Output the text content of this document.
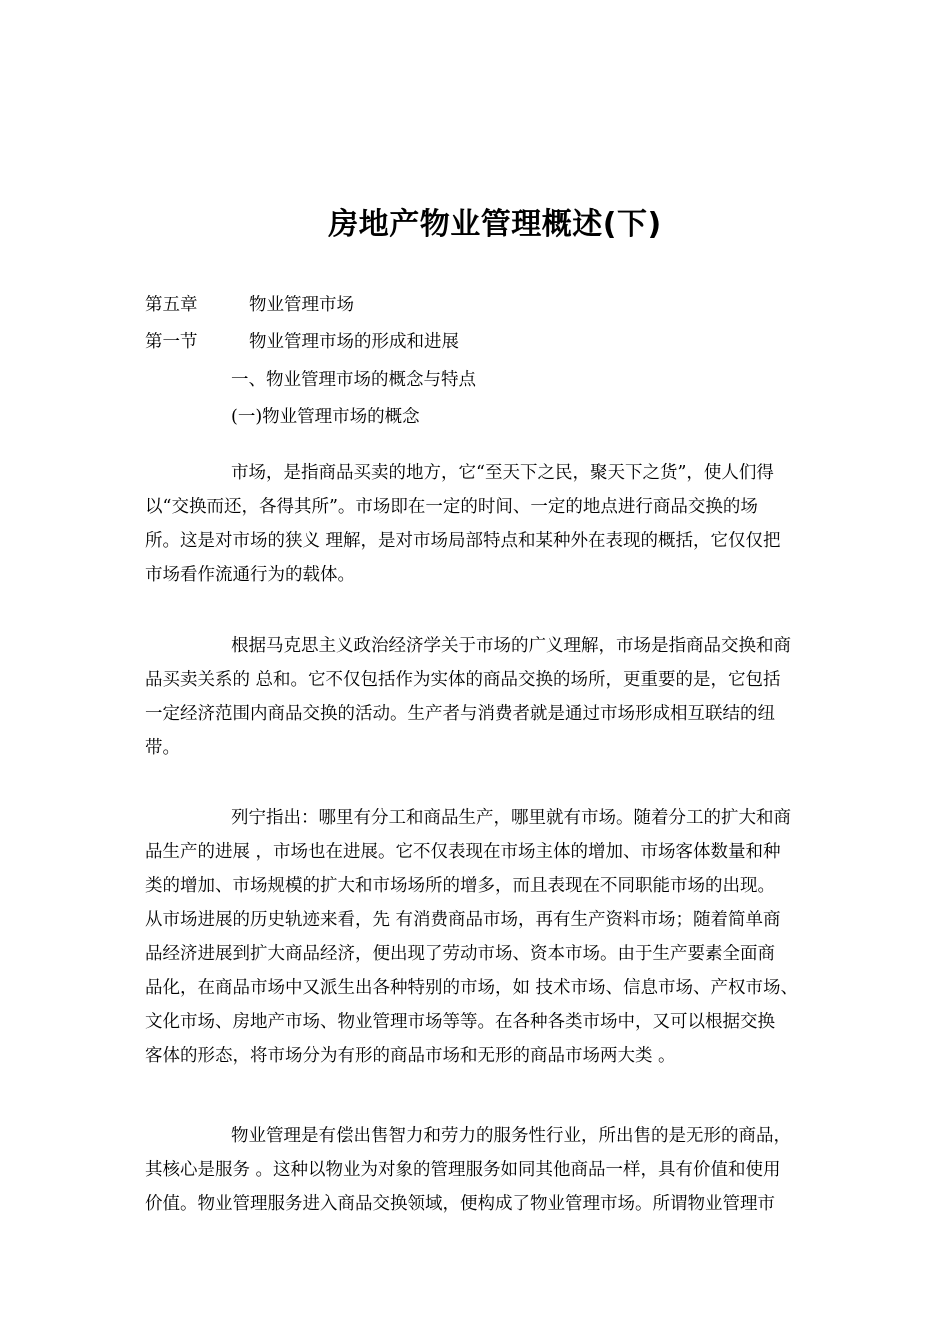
房地产物业管理概述(下)
第五章	物业管理市场
第一节	物业管理市场的形成和进展
一、物业管理市场的概念与特点
(一)物业管理市场的概念
市场，是指商品买卖的地方，它“至天下之民，聚天下之货”，使人们得
以“交换而还，各得其所”。市场即在一定的时间、一定的地点进行商品交换的场
所。这是对市场的狭义 理解，是对市场局部特点和某种外在表现的概括，它仅仅把
市场看作流通行为的载体。
根据马克思主义政治经济学关于市场的广义理解，市场是指商品交换和商
品买卖关系的 总和。它不仅包括作为实体的商品交换的场所，更重要的是，它包括
一定经济范围内商品交换的活动。生产者与消费者就是通过市场形成相互联结的纽
带。
列宁指出：哪里有分工和商品生产，哪里就有市场。随着分工的扩大和商
品生产的进展 ，市场也在进展。它不仅表现在市场主体的增加、市场客体数量和种
类的增加、市场规模的扩大和市场场所的增多，而且表现在不同职能市场的出现。
从市场进展的历史轨迹来看，先 有消费商品市场，再有生产资料市场；随着简单商
品经济进展到扩大商品经济，便出现了劳动市场、资本市场。由于生产要素全面商
品化，在商品市场中又派生出各种特别的市场，如 技术市场、信息市场、产权市场、
文化市场、房地产市场、物业管理市场等等。在各种各类市场中，又可以根据交换
客体的形态，将市场分为有形的商品市场和无形的商品市场两大类 。
物业管理是有偿出售智力和劳力的服务性行业，所出售的是无形的商品，
其核心是服务 。这种以物业为对象的管理服务如同其他商品一样，具有价值和使用
价值。物业管理服务进入商品交换领域，便构成了物业管理市场。所谓物业管理市
